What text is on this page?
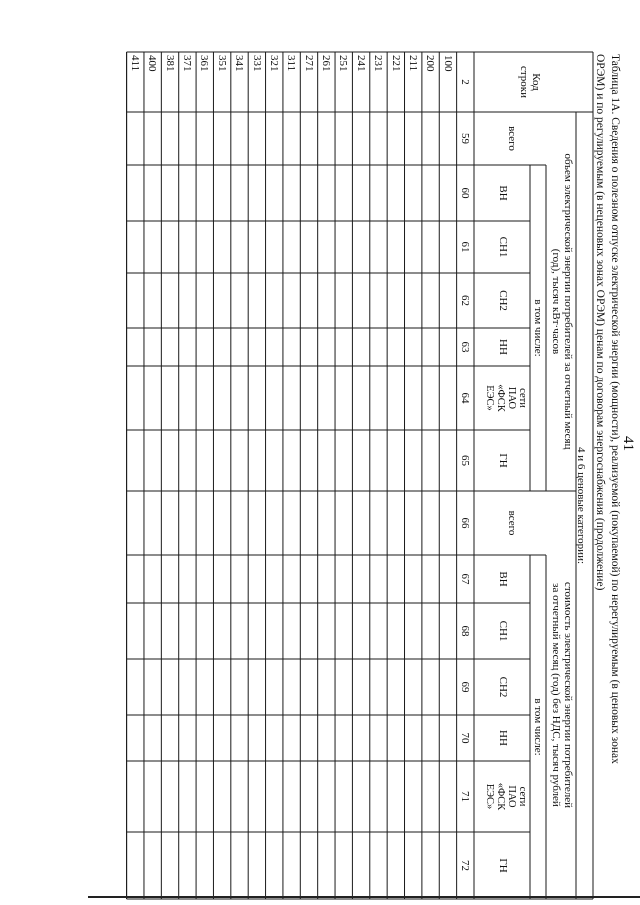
41
Таблица 1А. Сведения о полезном отпуске электрической энергии (мощности), реализуемой (покупаемой) по нерегулируемым (в ценовых зонах
ОРЭМ) и по регулируемым (в неценовых зонах ОРЭМ) ценам по договорам энергоснабжения (продолжение)
Код
строки
4 и 6 ценовые категории:
объем электрической энергии потребителей за отчетный месяц
(год), тысяч кВт·часов
стоимость электрической энергии потребителей
за отчетный месяц (год) без НДС, тысяч рублей
в том числе:
в том числе:
всего
всего
ВН
СН1
СН2
НН
сети
ПАО
«ФСК
ЕЭС»
ГН
ВН
СН1
СН2
НН
сети
ПАО
«ФСК
ЕЭС»
ГН
2
59
60
61
62
63
64
65
66
67
68
69
70
71
72
100
200
211
221
231
241
251
261
271
311
321
331
341
351
361
371
381
400
411
